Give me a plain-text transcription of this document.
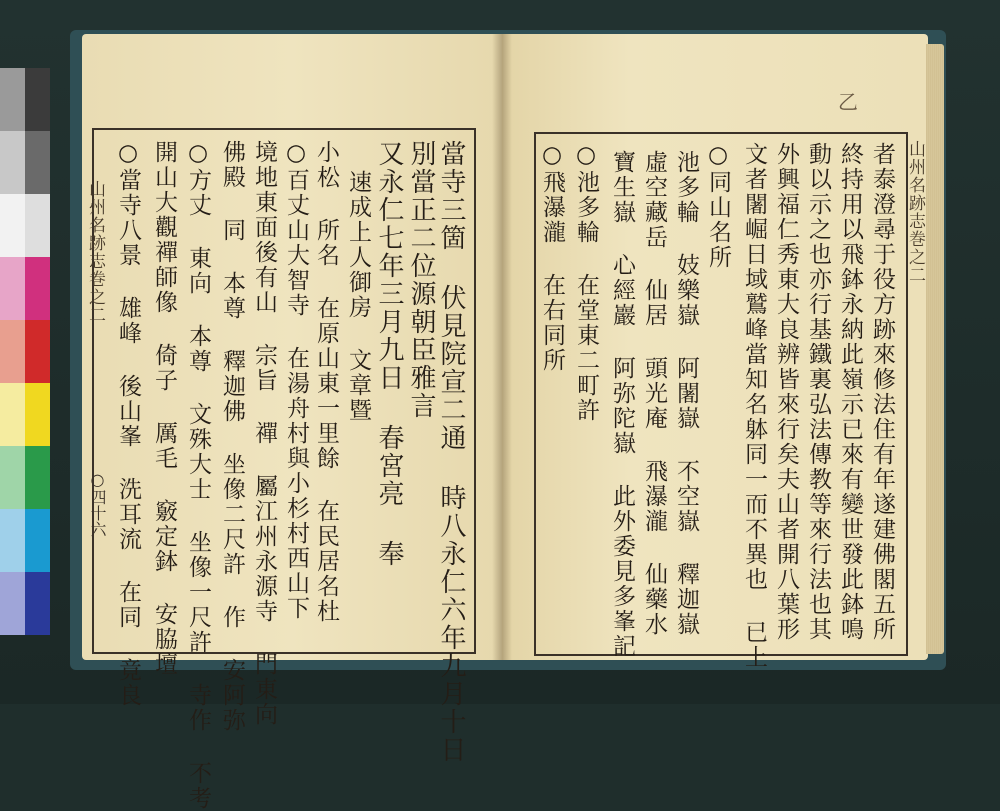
山州名跡志巻之二
○四十六
山州名跡志巻之二
乙
當寺三箇 伏見院宣二通 時八永仁六年九月十日
別當正二位源朝臣雅言
又永仁七年三月九日 春宮亮 奉
速成上人御房 文章暨
小松 所名 在原山東一里餘 在民居名杜
○百丈山大智寺 在湯舟村與小杉村西山下
境地東面後有山 宗旨 禪 屬江州永源寺 門東向
佛殿 同 本尊 釋迦佛 坐像二尺許 作 安阿弥
○方丈 東向 本尊 文殊大士 坐像一尺許 寺作 不考
開山大觀禪師像 倚子 厲毛 竅定鉢 安脇壇
○當寺八景 雄峰 後山峯 洗耳流 在同 竟良	者泰澄尋于役方跡來修法住有年遂建佛閣五所
終持用以飛鉢永納此嶺示已來有變世發此鉢鳴
動以示之也亦行基鐵裏弘法傳教等來行法也其
外興福仁秀東大良辨皆來行矣夫山者開八葉形
文者闍崛日域鷲峰當知名躰同一而不異也 已上
○同山名所
池多輪 妓樂嶽 阿闍嶽 不空嶽 釋迦嶽
虛空藏岳 仙居 頭光庵 飛瀑瀧 仙藥水
寶生嶽 心經巖 阿弥陀嶽 此外委見多峯記
○池多輪 在堂東二町許
○飛瀑瀧 在右同所
